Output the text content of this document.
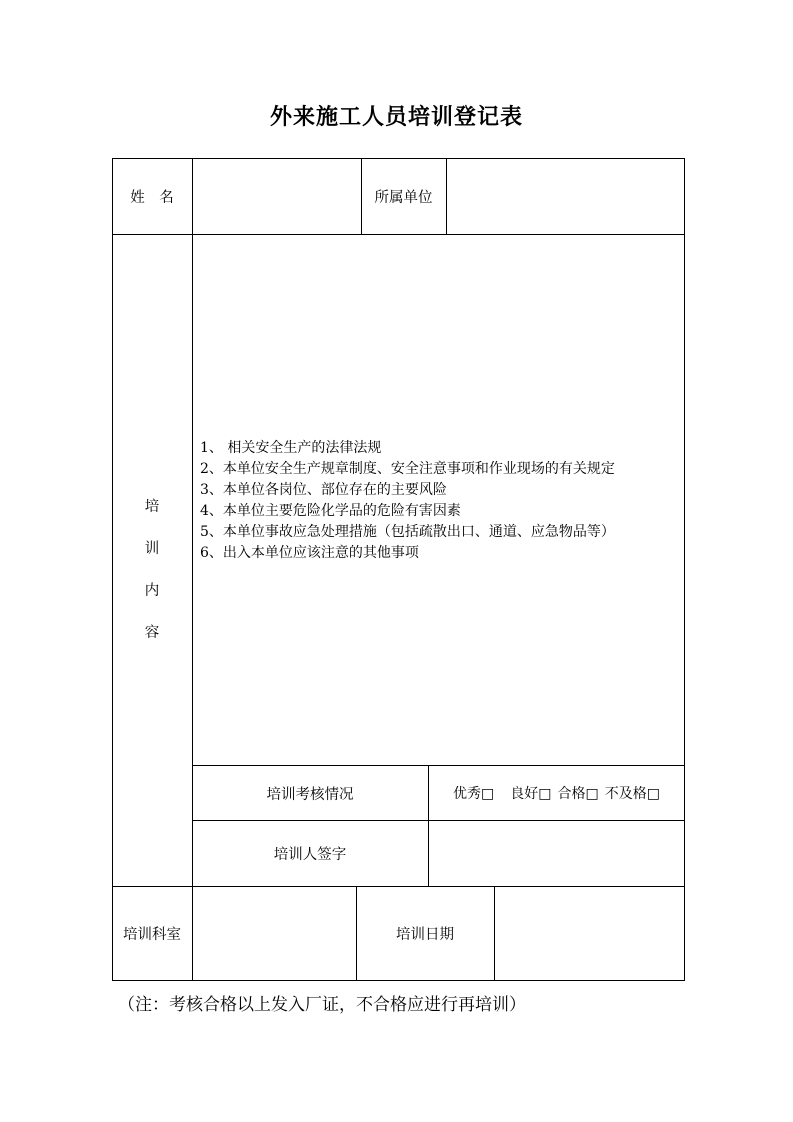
外来施工人员培训登记表
姓　名	所属单位
培
训
内
容
1、 相关安全生产的法律法规
2、本单位安全生产规章制度、安全注意事项和作业现场的有关规定
3、本单位各岗位、部位存在的主要风险
4、本单位主要危险化学品的危险有害因素
5、本单位事故应急处理措施（包括疏散出口、通道、应急物品等）
6、出入本单位应该注意的其他事项
培训考核情况	优秀□ 良好□ 合格□ 不及格□
培训人签字
培训科室	培训日期
（注：考核合格以上发入厂证，不合格应进行再培训）
